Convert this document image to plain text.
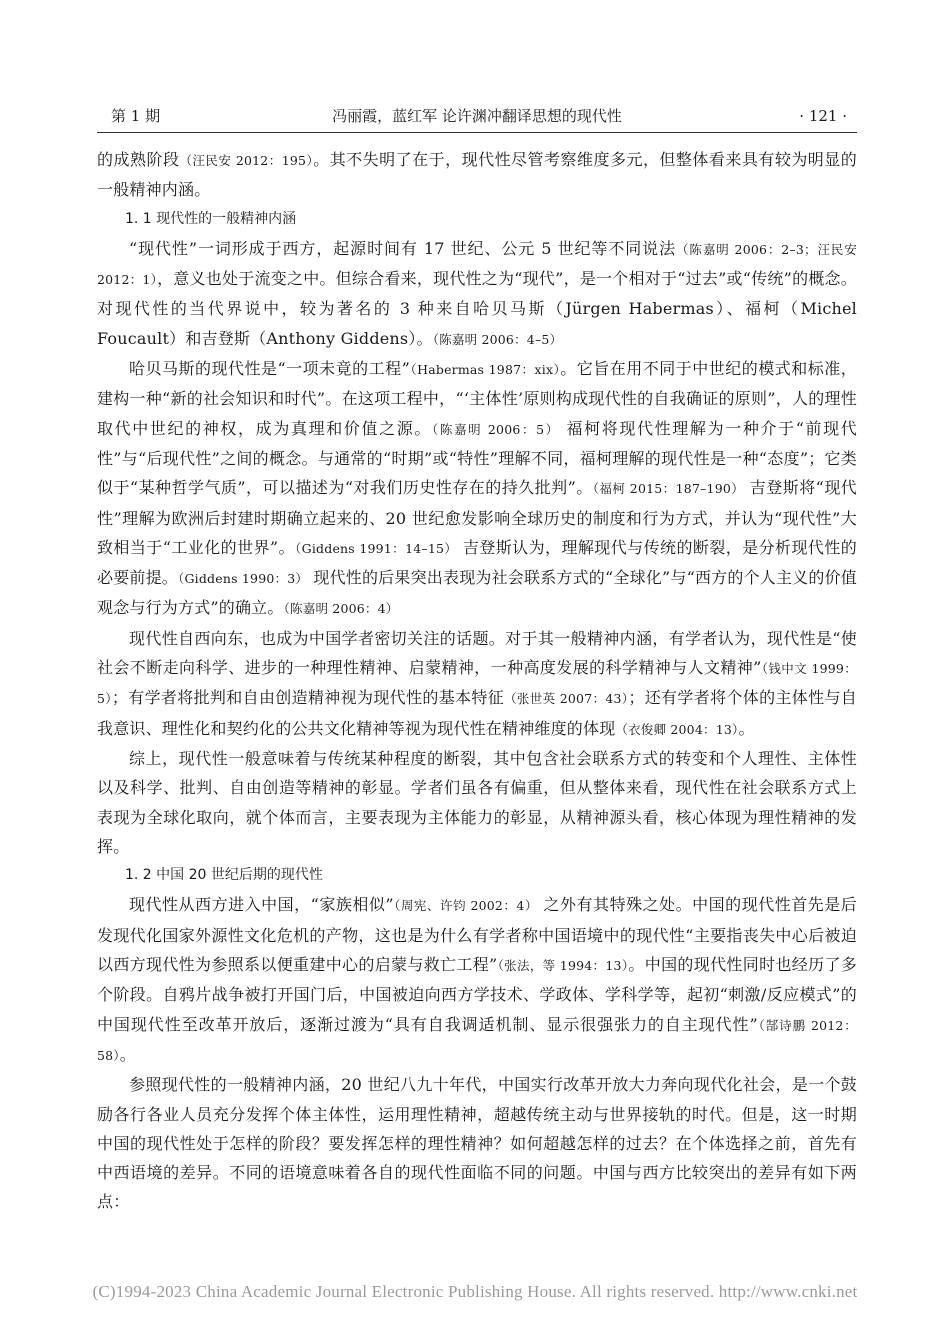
第 1 期	冯丽霞，蓝红军 论许渊冲翻译思想的现代性	· 121 ·

的成熟阶段（汪民安 2012：195）。其不失明了在于，现代性尽管考察维度多元，但整体看来具有较为明显的一般精神内涵。

1. 1 现代性的一般精神内涵

“现代性”一词形成于西方，起源时间有 17 世纪、公元 5 世纪等不同说法（陈嘉明 2006：2–3；汪民安 2012：1），意义也处于流变之中。但综合看来，现代性之为“现代”，是一个相对于“过去”或“传统”的概念。对现代性的当代界说中，较为著名的 3 种来自哈贝马斯（Jürgen Habermas）、福柯（Michel Foucault）和吉登斯（Anthony Giddens）。（陈嘉明 2006：4–5）

哈贝马斯的现代性是“一项未竟的工程”（Habermas 1987：xix）。它旨在用不同于中世纪的模式和标准，建构一种“新的社会知识和时代”。在这项工程中，“‘主体性’原则构成现代性的自我确证的原则”，人的理性取代中世纪的神权，成为真理和价值之源。（陈嘉明 2006：5） 福柯将现代性理解为一种介于“前现代性”与“后现代性”之间的概念。与通常的“时期”或“特性”理解不同，福柯理解的现代性是一种“态度”；它类似于“某种哲学气质”，可以描述为“对我们历史性存在的持久批判”。（福柯 2015：187–190） 吉登斯将“现代性”理解为欧洲后封建时期确立起来的、20 世纪愈发影响全球历史的制度和行为方式，并认为“现代性”大致相当于“工业化的世界”。（Giddens 1991：14–15） 吉登斯认为，理解现代与传统的断裂，是分析现代性的必要前提。（Giddens 1990：3） 现代性的后果突出表现为社会联系方式的“全球化”与“西方的个人主义的价值观念与行为方式”的确立。（陈嘉明 2006：4）

现代性自西向东，也成为中国学者密切关注的话题。对于其一般精神内涵，有学者认为，现代性是“使社会不断走向科学、进步的一种理性精神、启蒙精神，一种高度发展的科学精神与人文精神”（钱中文 1999：5）；有学者将批判和自由创造精神视为现代性的基本特征（张世英 2007：43）；还有学者将个体的主体性与自我意识、理性化和契约化的公共文化精神等视为现代性在精神维度的体现（衣俊卿 2004：13）。

综上，现代性一般意味着与传统某种程度的断裂，其中包含社会联系方式的转变和个人理性、主体性以及科学、批判、自由创造等精神的彰显。学者们虽各有偏重，但从整体来看，现代性在社会联系方式上表现为全球化取向，就个体而言，主要表现为主体能力的彰显，从精神源头看，核心体现为理性精神的发挥。

1. 2 中国 20 世纪后期的现代性

现代性从西方进入中国，“家族相似”（周宪、许钧 2002：4） 之外有其特殊之处。中国的现代性首先是后发现代化国家外源性文化危机的产物，这也是为什么有学者称中国语境中的现代性“主要指丧失中心后被迫以西方现代性为参照系以便重建中心的启蒙与救亡工程”（张法，等 1994：13）。中国的现代性同时也经历了多个阶段。自鸦片战争被打开国门后，中国被迫向西方学技术、学政体、学科学等，起初“刺激/反应模式”的中国现代性至改革开放后，逐渐过渡为“具有自我调适机制、显示很强张力的自主现代性”（郜诗鹏 2012：58）。

参照现代性的一般精神内涵，20 世纪八九十年代，中国实行改革开放大力奔向现代化社会，是一个鼓励各行各业人员充分发挥个体主体性，运用理性精神，超越传统主动与世界接轨的时代。但是，这一时期中国的现代性处于怎样的阶段？要发挥怎样的理性精神？如何超越怎样的过去？在个体选择之前，首先有中西语境的差异。不同的语境意味着各自的现代性面临不同的问题。中国与西方比较突出的差异有如下两点：

(C)1994-2023 China Academic Journal Electronic Publishing House. All rights reserved. http://www.cnki.net
